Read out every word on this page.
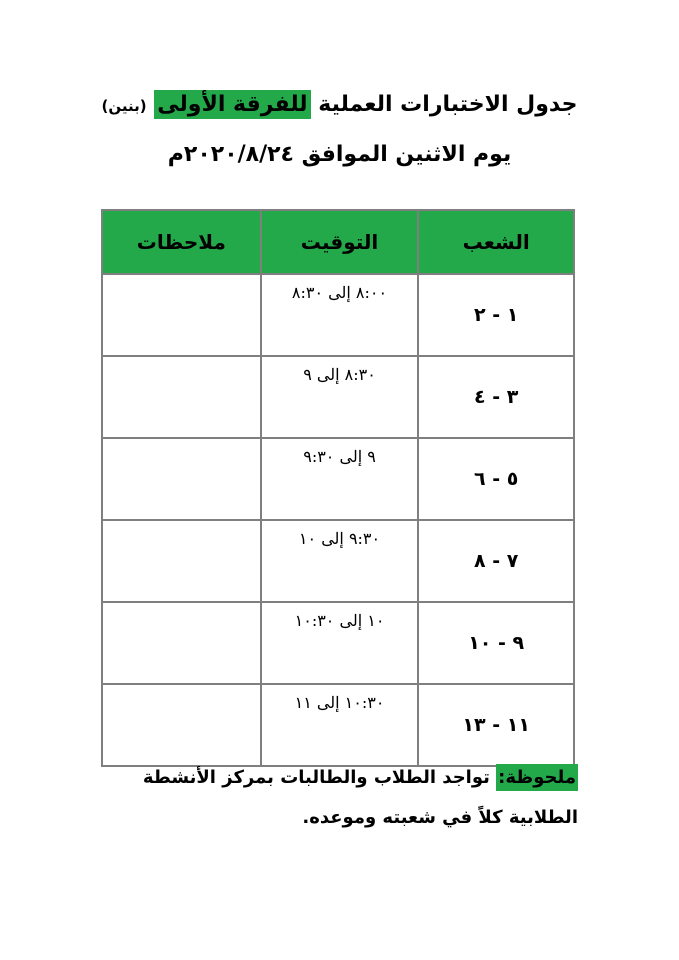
جدول الاختبارات العملية للفرقة الأولى (بنين)
يوم الاثنين الموافق ٢٠٢٠/٨/٢٤م
الشعب	التوقيت	ملاحظات
١ - ٢	٨:٠٠ إلى ٨:٣٠	
٣ - ٤	٨:٣٠ إلى ٩	
٥ - ٦	٩ إلى ٩:٣٠	
٧ - ٨	٩:٣٠ إلى ١٠	
٩ - ١٠	١٠ إلى ١٠:٣٠	
١١ - ١٣	١٠:٣٠ إلى ١١	
ملحوظة: تواجد الطلاب والطالبات بمركز الأنشطة الطلابية كلاً في شعبته وموعده.
